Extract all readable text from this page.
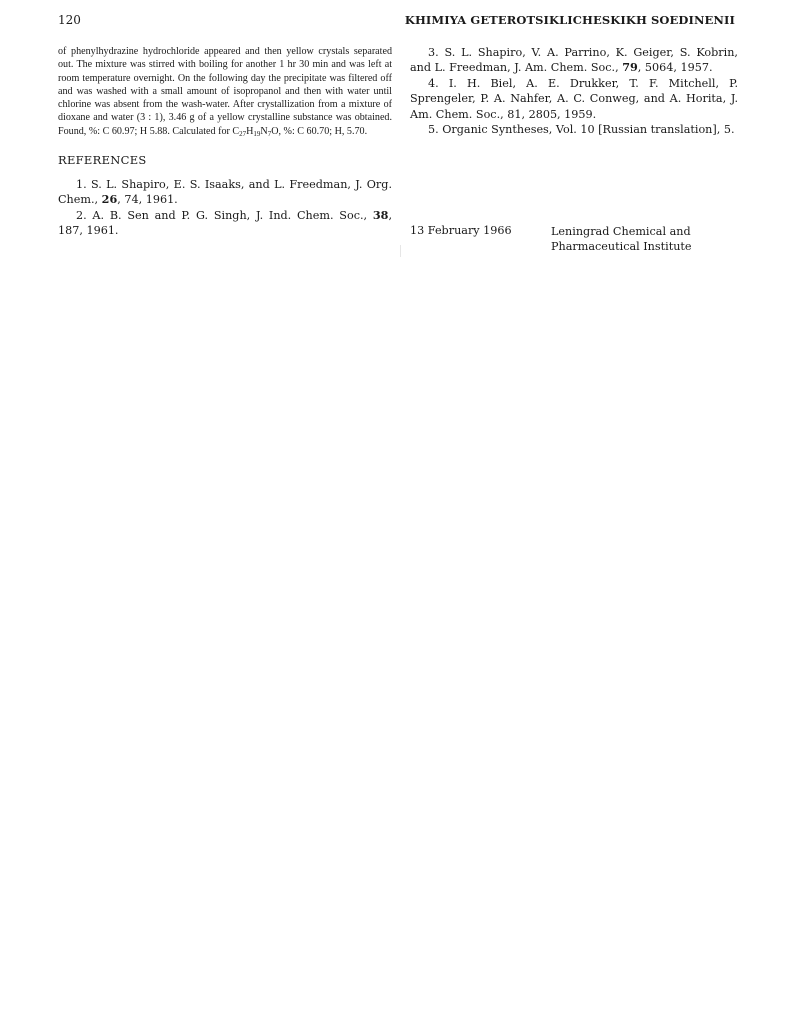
120	KHIMIYA GETEROTSIKLICHESKIKH SOEDINENII

of phenylhydrazine hydrochloride appeared and then yellow crystals separated out. The mixture was stirred with boiling for another 1 hr 30 min and was left at room temperature overnight. On the following day the precipitate was filtered off and was washed with a small amount of isopropanol and then with water until chlorine was absent from the wash-water. After crystallization from a mixture of dioxane and water (3 : 1), 3.46 g of a yellow crystalline substance was obtained. Found, %: C 60.97; H 5.88. Calculated for $C_{27}H_{19}N_7O$, %: C 60.70; H, 5.70.

REFERENCES

1. S. L. Shapiro, E. S. Isaaks, and L. Freedman, J. Org. Chem., 26, 74, 1961.

2. A. B. Sen and P. G. Singh, J. Ind. Chem. Soc., 38, 187, 1961.

3. S. L. Shapiro, V. A. Parrino, K. Geiger, S. Kobrin, and L. Freedman, J. Am. Chem. Soc., 79, 5064, 1957.

4. I. H. Biel, A. E. Drukker, T. F. Mitchell, P. Sprengeler, P. A. Nahfer, A. C. Conweg, and A. Horita, J. Am. Chem. Soc., 81, 2805, 1959.

5. Organic Syntheses, Vol. 10 [Russian translation], 5.

13 February 1966	Leningrad Chemical and Pharmaceutical Institute
